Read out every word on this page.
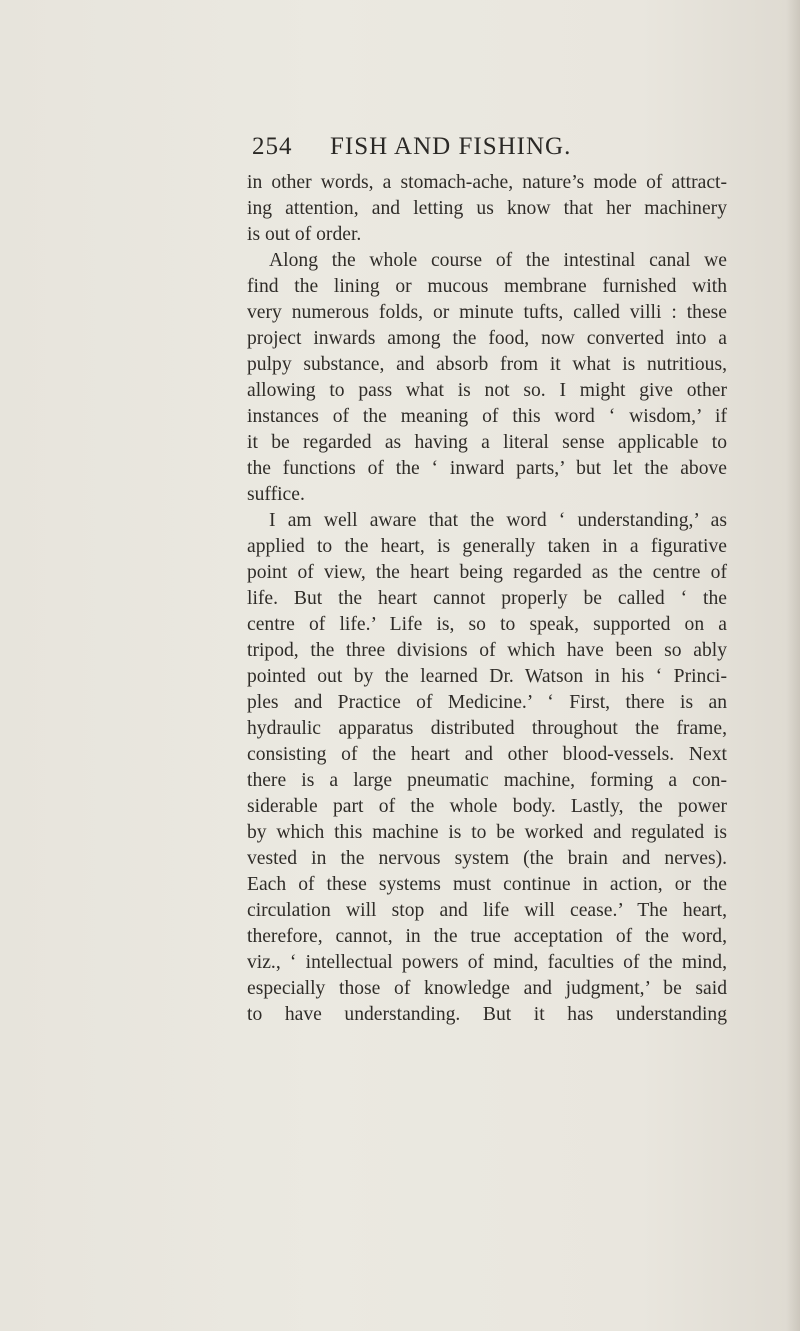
254 FISH AND FISHING.
in other words, a stomach-ache, nature’s mode of attract-
ing attention, and letting us know that her machinery
is out of order.
Along the whole course of the intestinal canal we
find the lining or mucous membrane furnished with
very numerous folds, or minute tufts, called villi : these
project inwards among the food, now converted into a
pulpy substance, and absorb from it what is nutritious,
allowing to pass what is not so. I might give other
instances of the meaning of this word ‘ wisdom,’ if
it be regarded as having a literal sense applicable to
the functions of the ‘ inward parts,’ but let the above
suffice.
I am well aware that the word ‘ understanding,’ as
applied to the heart, is generally taken in a figurative
point of view, the heart being regarded as the centre of
life. But the heart cannot properly be called ‘ the
centre of life.’ Life is, so to speak, supported on a
tripod, the three divisions of which have been so ably
pointed out by the learned Dr. Watson in his ‘ Princi-
ples and Practice of Medicine.’ ‘ First, there is an
hydraulic apparatus distributed throughout the frame,
consisting of the heart and other blood-vessels. Next
there is a large pneumatic machine, forming a con-
siderable part of the whole body. Lastly, the power
by which this machine is to be worked and regulated is
vested in the nervous system (the brain and nerves).
Each of these systems must continue in action, or the
circulation will stop and life will cease.’ The heart,
therefore, cannot, in the true acceptation of the word,
viz., ‘ intellectual powers of mind, faculties of the mind,
especially those of knowledge and judgment,’ be said
to have understanding. But it has understanding
